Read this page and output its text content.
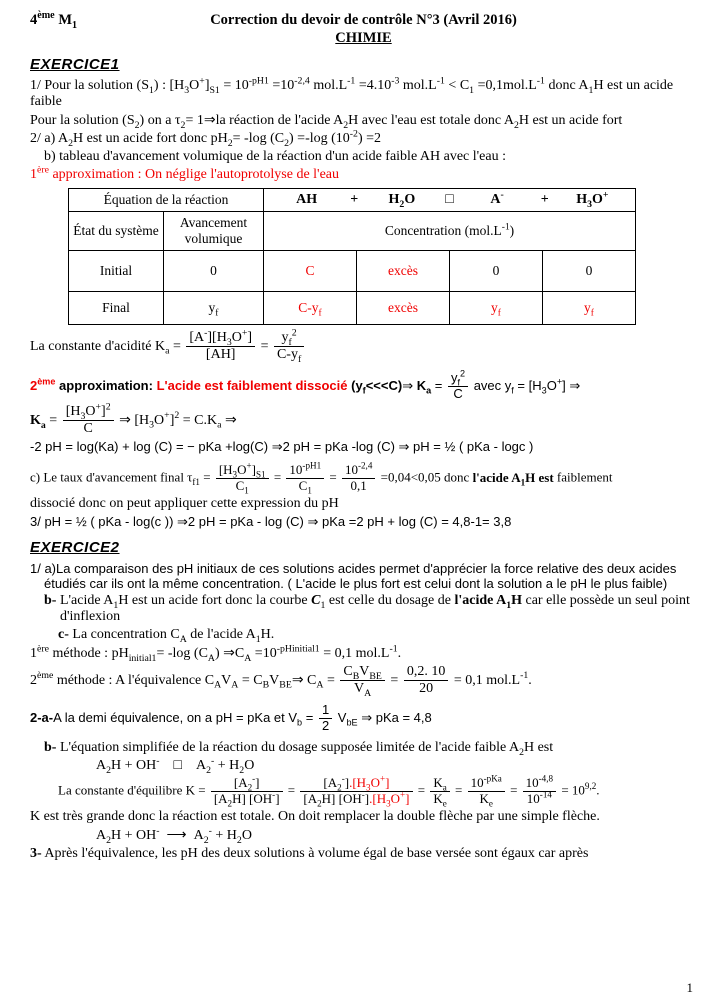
4ème $M_1$	Correction du devoir de contrôle N°3 (Avril 2016)
CHIMIE
EXERCICE1
1/ Pour la solution $(S_1)$ : $[H_3O^+]_{S1} = 10^{-pH1} =10^{-2,4}$ $mol.L^{-1} =4.10^{-3}$ $mol.L^{-1} < C_1 =0,1mol.L^{-1}$ donc $A_1H$ est un acide faible
Pour la solution $(S_2)$ on a $\tau_2=$ 1⇒la réaction de l'acide $A_2H$ avec l'eau est totale donc $A_2H$ est un acide fort
2/ a) $A_2H$ est un acide fort donc $pH_2= -\log$ $(C_2) =-\log$ $(10^{-2}) =2$
b) tableau d'avancement volumique de la réaction d'un acide faible AH avec l'eau :
1ère approximation : On néglige l'autoprotolyse de l'eau
Équation de la réaction	AH	+	$H_2O$	□	A-	+	$H_3O^+$

État du système	Avancement volumique	Concentration $(mol.L^{-1})$			
Initial	0	C	excès	0	0
Final	$y_f$	$C-y_f$	excès	$y_f$	$y_f$
La constante d'acidité $K_a = \frac{[A^-][H_3O^+]}{[AH]} = \frac{y_f^2}{C-y_f}$
2ème approximation: L'acide est faiblement dissocié $(y_f<<<C)\Rightarrow$ $K_a = \frac{y_f^2}{C}$ avec $y_f = [H_3O^+]$ ⇒
$K_a = \frac{[H_3O^+]^2}{C}$ ⇒ $[H_3O^+]^2 = C.K_a$ ⇒
-2 pH = log(Ka) + log (C) = − pKa +log(C) ⇒2 pH = pKa -log (C) ⇒ pH = ½ ( pKa - logc )
c) Le taux d'avancement final $\tau_{f1} = \frac{[H_3O^+]_{S1}}{C_1} = \frac{10^{-pH1}}{C_1} = \frac{10^{-2,4}}{0,1} =0,04<0,05$ donc l'acide $A_1H$ est faiblement
dissocié donc on peut appliquer cette expression du pH
3/ pH = ½ ( pKa - log(c )) ⇒2 pH = pKa - log (C) ⇒ pKa =2 pH + log (C) = 4,8-1= 3,8
EXERCICE2
1/ a)La comparaison des pH initiaux de ces solutions acides permet d'apprécier la force relative des deux acides étudiés car ils ont la même concentration. ( L'acide le plus fort est celui dont la solution a le pH le plus faible)
b- L'acide $A_1H$ est un acide fort donc la courbe $C_1$ est celle du dosage de l'acide $A_1H$ car elle possède un seul point d'inflexion
c- La concentration $C_A$ de l'acide $A_1H$.
1ère méthode : $pH_{initial1}= -\log$ $(C_A)$ $\Rightarrow C_A =10^{-pHinitial1} = 0,1$ $mol.L^{-1}$.
2ème méthode : A l'équivalence $C_AV_A$ = $C_BV_{BE}\Rightarrow$ $C_A = \frac{C_BV_{BE}}{V_A} = \frac{0,2. 10}{20} = 0,1$ $mol.L^{-1}$.
2-a-A la demi équivalence, on a pH = pKa et $V_b = \frac{1}{2} V_{bE}$ ⇒ pKa = 4,8
b- L'équation simplifiée de la réaction du dosage supposée limitée de l'acide faible $A_2H$ est
$A_2H + OH^-$    □    $A_2^- + H_2O$
La constante d'équilibre $K = \frac{[A_2^-]}{[A_2H] [OH^-]} = \frac{[A_2^-].[H_3O^+]}{[A_2H] [OH^-].[H_3O^+]} = \frac{K_a}{K_e} = \frac{10^{-pKa}}{K_e} = \frac{10^{-4,8}}{10^{-14}} = 10^{9,2}$.
K est très grande donc la réaction est totale. On doit remplacer la double flèche par une simple flèche.
$A_2H + OH^-$  ⟶  $A_2^- + H_2O$
3- Après l'équivalence, les pH des deux solutions à volume égal de base versée sont égaux car après
1
